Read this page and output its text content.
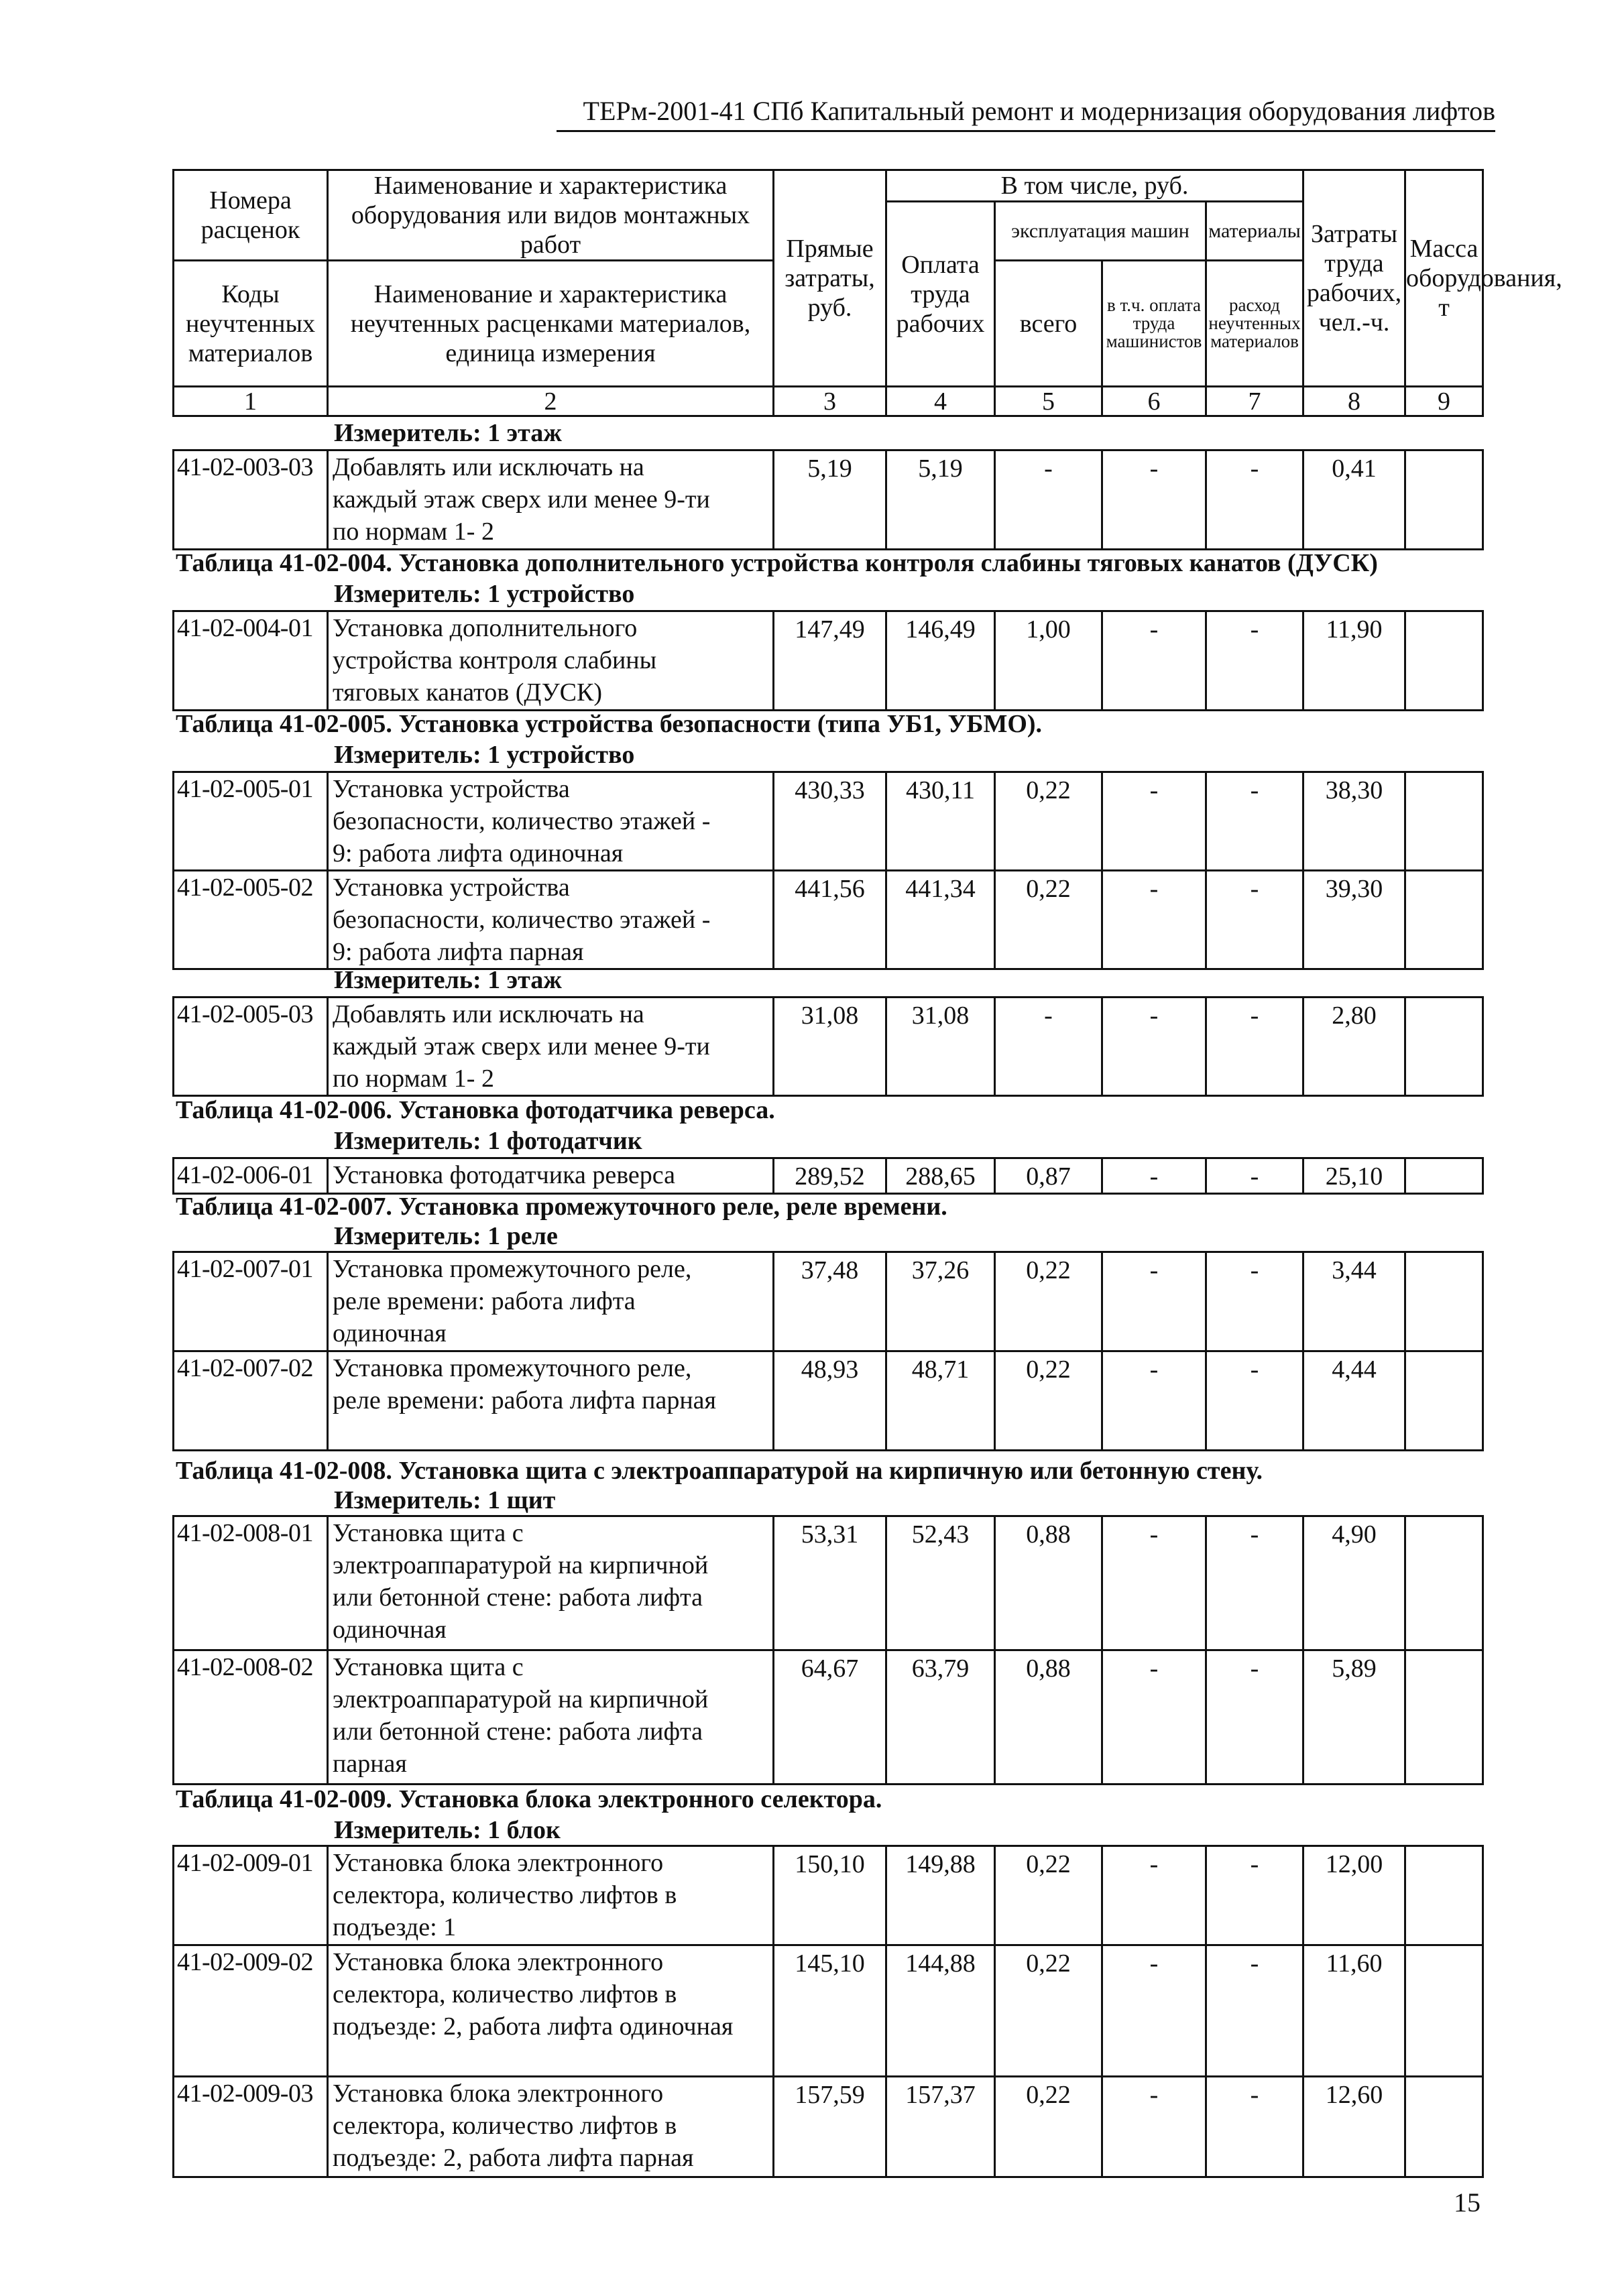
ТЕРм-2001-41 СПб Капитальный ремонт и модернизация оборудования лифтов
Номера расценок	Наименование и характеристика оборудования или видов монтажных работ	Прямые затраты, руб.	В том числе, руб.				Затраты труда рабочих, чел.-ч.	Масса оборудования, т
			Оплата труда рабочих	эксплуатация машин		материалы		
Коды неучтенных материалов	Наименование и характеристика неучтенных расценками материалов, единица измерения			всего	в т.ч. оплата труда машинистов	расход неучтенных материалов		

1	2	3	4	5	6	7	8	9
Измеритель: 1 этаж
41-02-003-03	Добавлять или исключать на
каждый этаж сверх или менее 9-ти
по нормам 1- 2
	5,19	5,19	-	-	-	0,41	
Таблица 41-02-004. Установка дополнительного устройства контроля слабины тяговых канатов (ДУСК)
Измеритель: 1 устройство
41-02-004-01	Установка дополнительного
устройства контроля слабины
тяговых канатов (ДУСК)
	147,49	146,49	1,00	-	-	11,90	
Таблица 41-02-005. Установка устройства безопасности (типа УБ1, УБМО).
Измеритель: 1 устройство
41-02-005-01	Установка устройства
безопасности, количество этажей -
9: работа лифта одиночная	430,33	430,11	0,22	-	-	38,30	
41-02-005-02	Установка устройства
безопасности, количество этажей -
9: работа лифта парная	441,56	441,34	0,22	-	-	39,30	
Измеритель: 1 этаж
41-02-005-03	Добавлять или исключать на
каждый этаж сверх или менее 9-ти
по нормам 1- 2
	31,08	31,08	-	-	-	2,80	
Таблица 41-02-006. Установка фотодатчика реверса.
Измеритель: 1 фотодатчик
41-02-006-01	Установка фотодатчика реверса	289,52	288,65	0,87	-	-	25,10	
Таблица 41-02-007. Установка промежуточного реле, реле времени.
Измеритель: 1 реле
41-02-007-01	Установка промежуточного реле,
реле времени: работа лифта
одиночная	37,48	37,26	0,22	-	-	3,44	
41-02-007-02	Установка промежуточного реле,
реле времени: работа лифта парная	48,93	48,71	0,22	-	-	4,44	
Таблица 41-02-008. Установка щита с электроаппаратурой на кирпичную или бетонную стену.
Измеритель: 1 щит
41-02-008-01	Установка щита с
электроаппаратурой на кирпичной
или бетонной стене: работа лифта
одиночная	53,31	52,43	0,88	-	-	4,90	
41-02-008-02	Установка щита с
электроаппаратурой на кирпичной
или бетонной стене: работа лифта
парная	64,67	63,79	0,88	-	-	5,89	
Таблица 41-02-009. Установка блока электронного селектора.
Измеритель: 1 блок
41-02-009-01	Установка блока электронного
селектора, количество лифтов в
подъезде: 1	150,10	149,88	0,22	-	-	12,00	
41-02-009-02	Установка блока электронного
селектора, количество лифтов в
подъезде: 2, работа лифта одиночная	145,10	144,88	0,22	-	-	11,60	
41-02-009-03	Установка блока электронного
селектора, количество лифтов в
подъезде: 2, работа лифта парная	157,59	157,37	0,22	-	-	12,60	
15
